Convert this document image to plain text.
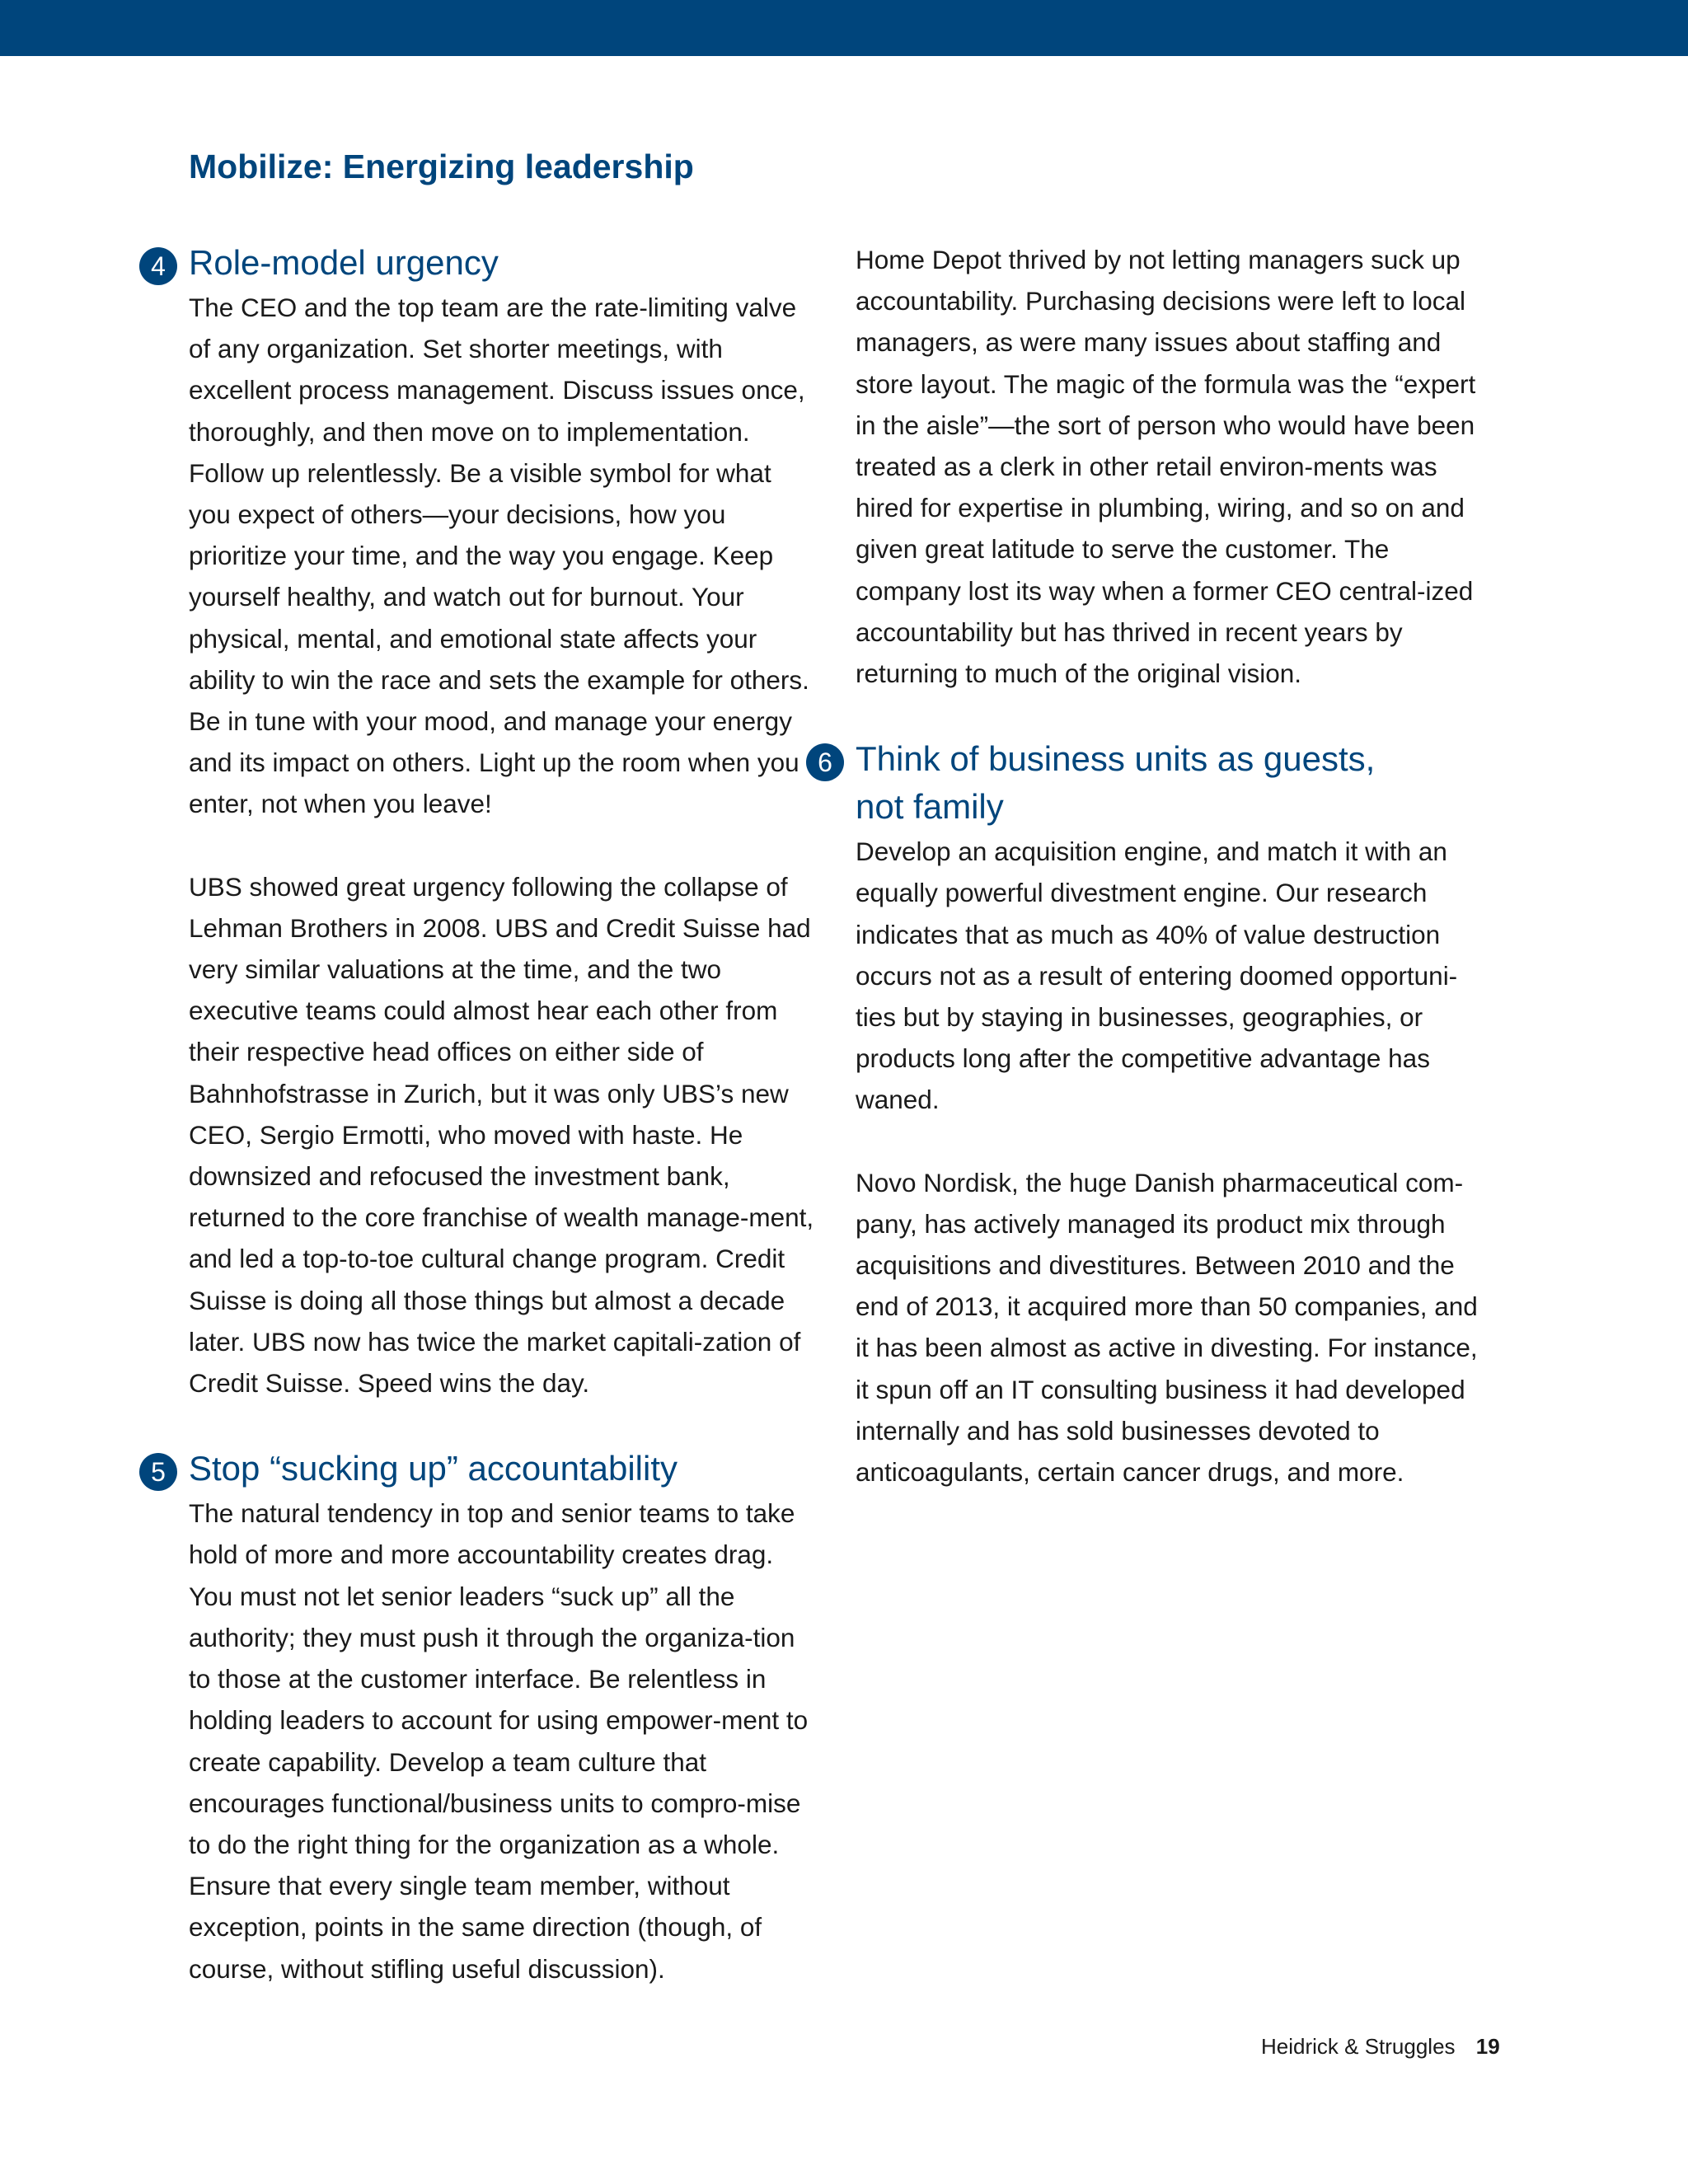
Mobilize: Energizing leadership
4 Role-model urgency

The CEO and the top team are the rate-limiting valve of any organization. Set shorter meetings, with excellent process management. Discuss issues once, thoroughly, and then move on to implementation. Follow up relentlessly. Be a visible symbol for what you expect of others—your decisions, how you prioritize your time, and the way you engage. Keep yourself healthy, and watch out for burnout. Your physical, mental, and emotional state affects your ability to win the race and sets the example for others. Be in tune with your mood, and manage your energy and its impact on others. Light up the room when you enter, not when you leave!

UBS showed great urgency following the collapse of Lehman Brothers in 2008. UBS and Credit Suisse had very similar valuations at the time, and the two executive teams could almost hear each other from their respective head offices on either side of Bahnhofstrasse in Zurich, but it was only UBS’s new CEO, Sergio Ermotti, who moved with haste. He downsized and refocused the investment bank, returned to the core franchise of wealth manage-ment, and led a top-to-toe cultural change program. Credit Suisse is doing all those things but almost a decade later. UBS now has twice the market capitali-zation of Credit Suisse. Speed wins the day.

5 Stop “sucking up” accountability

The natural tendency in top and senior teams to take hold of more and more accountability creates drag. You must not let senior leaders “suck up” all the authority; they must push it through the organiza-tion to those at the customer interface. Be relentless in holding leaders to account for using empower-ment to create capability. Develop a team culture that encourages functional/business units to compro-mise to do the right thing for the organization as a whole. Ensure that every single team member, without exception, points in the same direction (though, of course, without stifling useful discussion).

Home Depot thrived by not letting managers suck up accountability. Purchasing decisions were left to local managers, as were many issues about staffing and store layout. The magic of the formula was the “expert in the aisle”—the sort of person who would have been treated as a clerk in other retail environ-ments was hired for expertise in plumbing, wiring, and so on and given great latitude to serve the customer. The company lost its way when a former CEO central-ized accountability but has thrived in recent years by returning to much of the original vision.

6 Think of business units as guests,
not family

Develop an acquisition engine, and match it with an equally powerful divestment engine. Our research indicates that as much as 40% of value destruction occurs not as a result of entering doomed opportuni-ties but by staying in businesses, geographies, or products long after the competitive advantage has waned.

Novo Nordisk, the huge Danish pharmaceutical com-pany, has actively managed its product mix through acquisitions and divestitures. Between 2010 and the end of 2013, it acquired more than 50 companies, and it has been almost as active in divesting. For instance, it spun off an IT consulting business it had developed internally and has sold businesses devoted to anticoagulants, certain cancer drugs, and more.

Heidrick & Struggles 19
